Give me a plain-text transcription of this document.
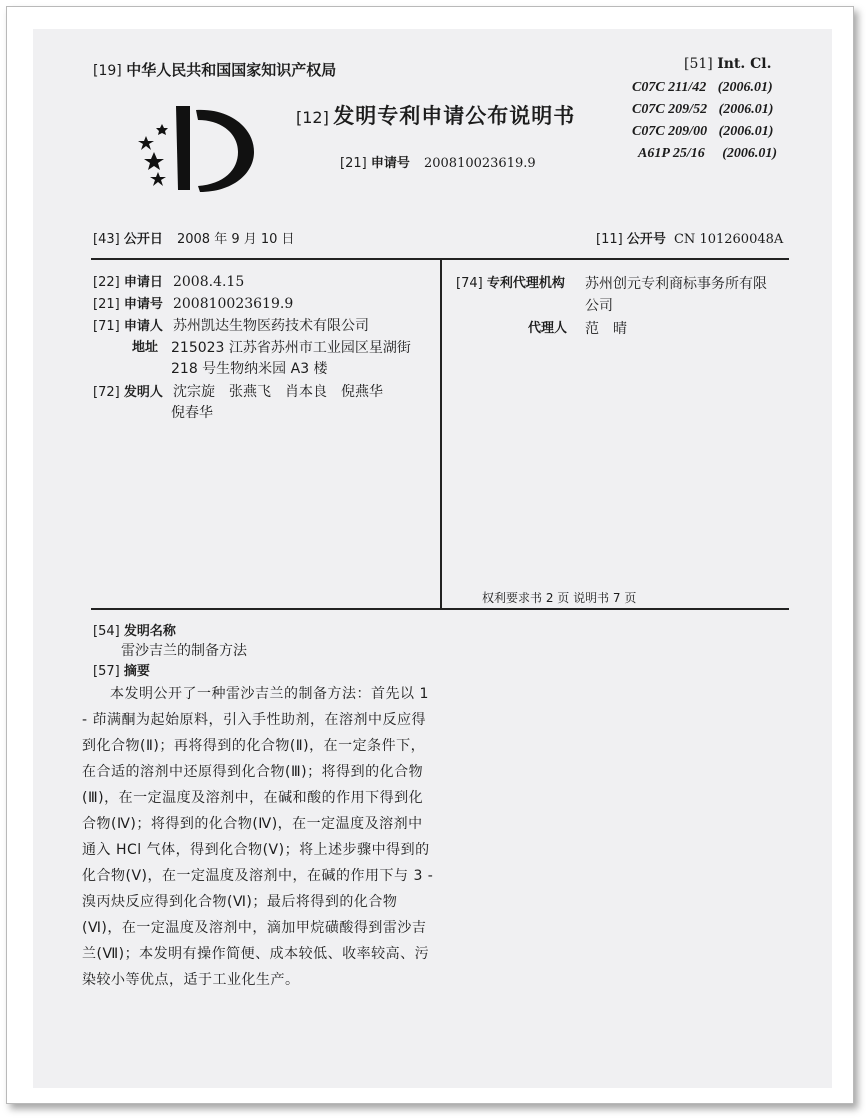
[19] 中华人民共和国国家知识产权局
[12] 发明专利申请公布说明书
[21] 申请号 200810023619.9
[51] Int. Cl.
C07C 211/42 (2006.01)
C07C 209/52 (2006.01)
C07C 209/00 (2006.01)
A61P 25/16 (2006.01)
[43] 公开日 2008 年 9 月 10 日	[11] 公开号 CN 101260048A
[22] 申请日 2008.4.15
[21] 申请号 200810023619.9
[71] 申请人 苏州凯达生物医药技术有限公司
地址 215023 江苏省苏州市工业园区星湖街
218 号生物纳米园 A3 楼
[72] 发明人 沈宗旋　张燕飞　肖本良　倪燕华
倪春华
[74] 专利代理机构 苏州创元专利商标事务所有限
公司
代理人 范　晴
权利要求书 2 页 说明书 7 页
[54] 发明名称
雷沙吉兰的制备方法
[57] 摘要

本发明公开了一种雷沙吉兰的制备方法：首先以 1 - 茚满酮为起始原料，引入手性助剂，在溶剂中反应得到化合物(Ⅱ)；再将得到的化合物(Ⅱ)，在一定条件下，在合适的溶剂中还原得到化合物(Ⅲ)；将得到的化合物(Ⅲ)，在一定温度及溶剂中，在碱和酸的作用下得到化合物(Ⅳ)；将得到的化合物(Ⅳ)，在一定温度及溶剂中通入 HCl 气体，得到化合物(Ⅴ)；将上述步骤中得到的化合物(Ⅴ)，在一定温度及溶剂中，在碱的作用下与 3 - 溴丙炔反应得到化合物(Ⅵ)；最后将得到的化合物(Ⅵ)，在一定温度及溶剂中，滴加甲烷磺酸得到雷沙吉兰(Ⅶ)；本发明有操作简便、成本较低、收率较高、污染较小等优点，适于工业化生产。
